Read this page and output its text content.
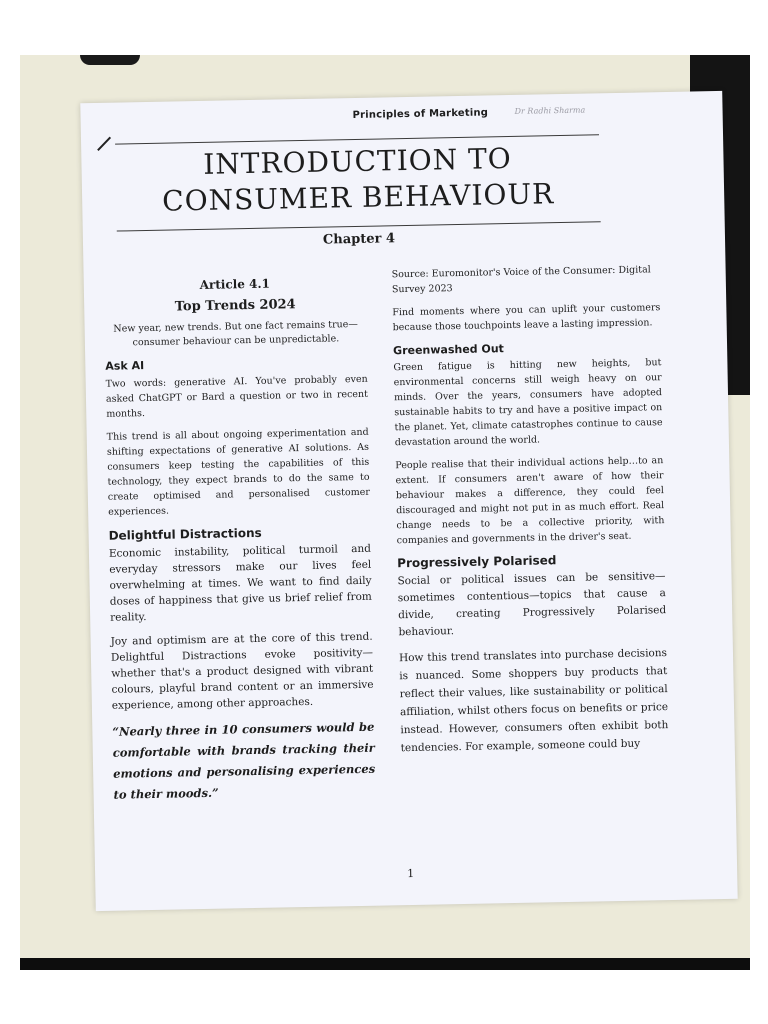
Principles of Marketing	Dr Radhi Sharma
INTRODUCTION TO CONSUMER BEHAVIOUR
Chapter 4
Article 4.1
Top Trends 2024

New year, new trends. But one fact remains true—consumer behaviour can be unpredictable.

Ask AI

Two words: generative AI. You've probably even asked ChatGPT or Bard a question or two in recent months.

This trend is all about ongoing experimentation and shifting expectations of generative AI solutions. As consumers keep testing the capabilities of this technology, they expect brands to do the same to create optimised and personalised customer experiences.

Delightful Distractions

Economic instability, political turmoil and everyday stressors make our lives feel overwhelming at times. We want to find daily doses of happiness that give us brief relief from reality.

Joy and optimism are at the core of this trend. Delightful Distractions evoke positivity—whether that's a product designed with vibrant colours, playful brand content or an immersive experience, among other approaches.

“Nearly three in 10 consumers would be comfortable with brands tracking their emotions and personalising experiences to their moods.”

Source: Euromonitor's Voice of the Consumer: Digital Survey 2023

Find moments where you can uplift your customers because those touchpoints leave a lasting impression.

Greenwashed Out

Green fatigue is hitting new heights, but environmental concerns still weigh heavy on our minds. Over the years, consumers have adopted sustainable habits to try and have a positive impact on the planet. Yet, climate catastrophes continue to cause devastation around the world.

People realise that their individual actions help…to an extent. If consumers aren't aware of how their behaviour makes a difference, they could feel discouraged and might not put in as much effort. Real change needs to be a collective priority, with companies and governments in the driver's seat.

Progressively Polarised

Social or political issues can be sensitive—sometimes contentious—topics that cause a divide, creating Progressively Polarised behaviour.

How this trend translates into purchase decisions is nuanced. Some shoppers buy products that reflect their values, like sustainability or political affiliation, whilst others focus on benefits or price instead. However, consumers often exhibit both tendencies. For example, someone could buy

1
